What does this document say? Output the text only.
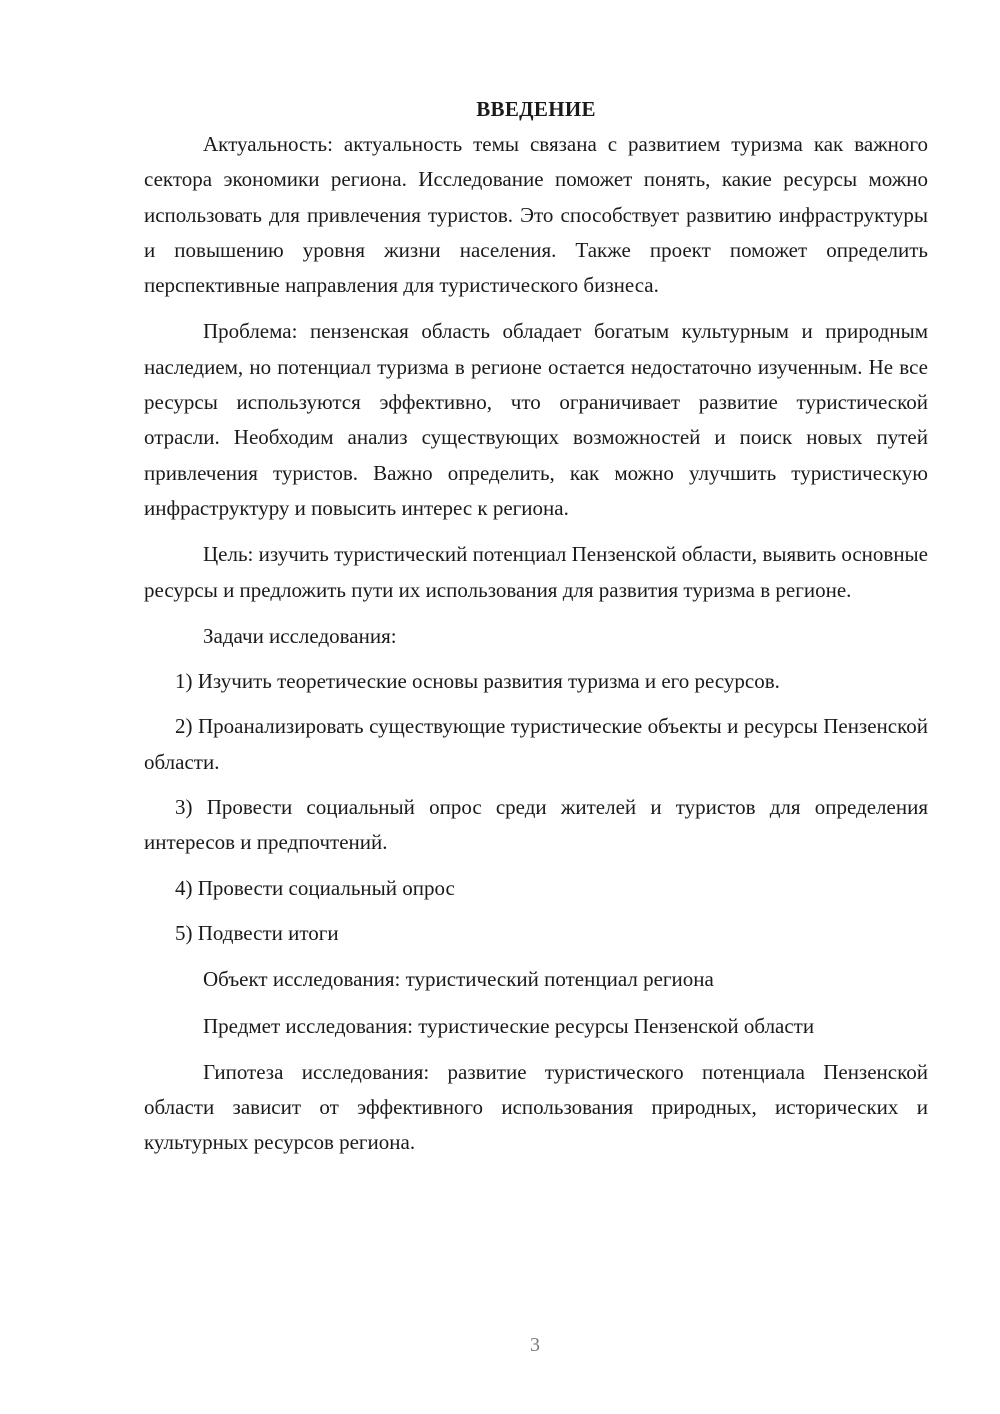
ВВЕДЕНИЕ

Актуальность: актуальность темы связана с развитием туризма как важного сектора экономики региона. Исследование поможет понять, какие ресурсы можно использовать для привлечения туристов. Это способствует развитию инфраструктуры и повышению уровня жизни населения. Также проект поможет определить перспективные направления для туристического бизнеса.

Проблема: пензенская область обладает богатым культурным и природным наследием, но потенциал туризма в регионе остается недостаточно изученным. Не все ресурсы используются эффективно, что ограничивает развитие туристической отрасли. Необходим анализ существующих возможностей и поиск новых путей привлечения туристов. Важно определить, как можно улучшить туристическую инфраструктуру и повысить интерес к региона.

Цель: изучить туристический потенциал Пензенской области, выявить основные ресурсы и предложить пути их использования для развития туризма в регионе.

Задачи исследования:

1) Изучить теоретические основы развития туризма и его ресурсов.

2) Проанализировать существующие туристические объекты и ресурсы Пензенской области.

3) Провести социальный опрос среди жителей и туристов для определения интересов и предпочтений.

4) Провести социальный опрос

5) Подвести итоги

Объект исследования: туристический потенциал региона

Предмет исследования: туристические ресурсы Пензенской области

Гипотеза исследования: развитие туристического потенциала Пензенской области зависит от эффективного использования природных, исторических и культурных ресурсов региона.

3
